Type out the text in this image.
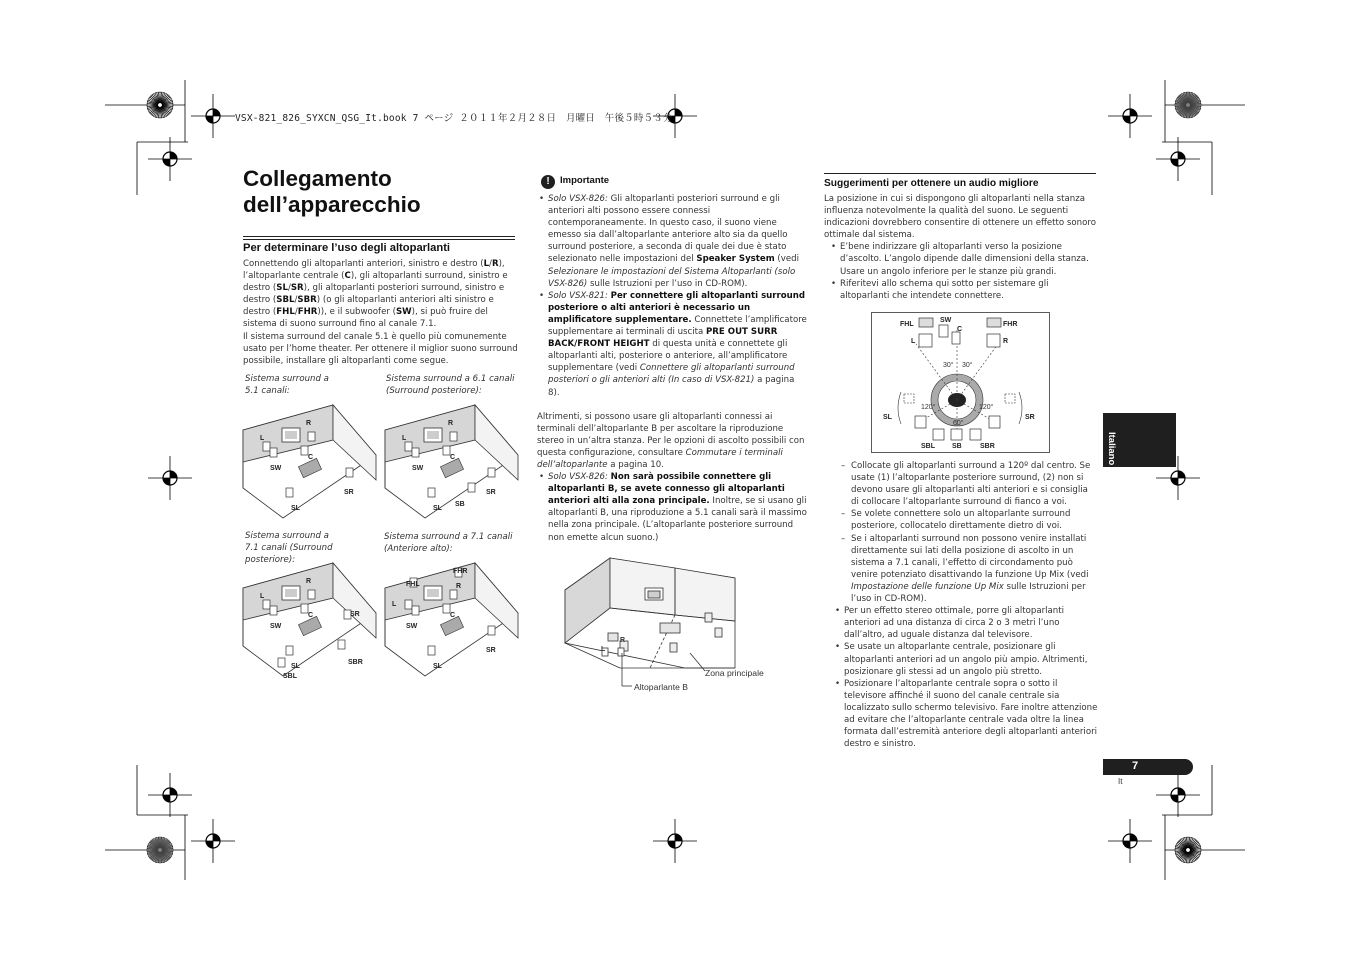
VSX-821_826_SYXCN_QSG_It.book 7 ページ ２０１１年２月２８日　月曜日　午後５時５３分
Collegamento
dell’apparecchio
Per determinare l’uso degli altoparlanti

Connettendo gli altoparlanti anteriori, sinistro e destro (L/R), l’altoparlante centrale (C), gli altoparlanti surround, sinistro e destro (SL/SR), gli altoparlanti posteriori surround, sinistro e destro (SBL/SBR) (o gli altoparlanti anteriori alti sinistro e destro (FHL/FHR)), e il subwoofer (SW), si può fruire del sistema di suono surround fino al canale 7.1.

Il sistema surround del canale 5.1 è quello più comunemente usato per l’home theater. Per ottenere il miglior suono surround possibile, installare gli altoparlanti come segue.

Sistema surround a
5.1 canali:
Sistema surround a 6.1 canali
(Surround posteriore):
Sistema surround a
7.1 canali (Surround
posteriore):
Sistema surround a 7.1 canali
(Anteriore alto):
L
R
C
SW
SL
SR
L
R
C
SW
SL
SR
SB
L
R
C
SW
SL
SR
SBL
SBR
L
R
C
SW
SL
SR
FHL
FHR
!	Importante
• Solo VSX-826: Gli altoparlanti posteriori surround e gli anteriori alti possono essere connessi contemporaneamente. In questo caso, il suono viene emesso sia dall’altoparlante anteriore alto sia da quello surround posteriore, a seconda di quale dei due è stato selezionato nelle impostazioni del Speaker System (vedi Selezionare le impostazioni del Sistema Altoparlanti (solo VSX-826) sulle Istruzioni per l’uso in CD-ROM).
• Solo VSX-821: Per connettere gli altoparlanti surround posteriore o alti anteriori è necessario un amplificatore supplementare. Connettete l’amplificatore supplementare ai terminali di uscita PRE OUT SURR BACK/FRONT HEIGHT di questa unità e connettete gli altoparlanti alti, posteriore o anteriore, all’amplificatore supplementare (vedi Connettere gli altoparlanti surround posteriori o gli anteriori alti (In caso di VSX-821) a pagina 8).

Altrimenti, si possono usare gli altoparlanti connessi ai terminali dell’altoparlante B per ascoltare la riproduzione stereo in un’altra stanza. Per le opzioni di ascolto possibili con questa configurazione, consultare Commutare i terminali dell’altoparlante a pagina 10.

• Solo VSX-826: Non sarà possibile connettere gli altoparlanti B, se avete connesso gli altoparlanti anteriori alti alla zona principale. Inoltre, se si usano gli altoparlanti B, una riproduzione a 5.1 canali sarà il massimo nella zona principale. (L’altoparlante posteriore surround non emette alcun suono.)
L
R
Zona principale
Altoparlante B
Suggerimenti per ottenere un audio migliore

La posizione in cui si dispongono gli altoparlanti nella stanza influenza notevolmente la qualità del suono. Le seguenti indicazioni dovrebbero consentire di ottenere un effetto sonoro ottimale dal sistema.

• E’bene indirizzare gli altoparlanti verso la posizione d’ascolto. L’angolo dipende dalle dimensioni della stanza. Usare un angolo inferiore per le stanze più grandi.
• Riferitevi allo schema qui sotto per sistemare gli altoparlanti che intendete connettere.
FHL	FHR
SW
C
L	R
SL	SR
SBL SB	SBR
30° 30°
120°	120°
60°
– Collocate gli altoparlanti surround a 120º dal centro. Se usate (1) l’altoparlante posteriore surround, (2) non si devono usare gli altoparlanti alti anteriori e si consiglia di collocare l’altoparlante surround di fianco a voi.
– Se volete connettere solo un altoparlante surround posteriore, collocatelo direttamente dietro di voi.
– Se i altoparlanti surround non possono venire installati direttamente sui lati della posizione di ascolto in un sistema a 7.1 canali, l’effetto di circondamento può venire potenziato disattivando la funzione Up Mix (vedi Impostazione delle funzione Up Mix sulle Istruzioni per l’uso in CD-ROM).
• Per un effetto stereo ottimale, porre gli altoparlanti anteriori ad una distanza di circa 2 o 3 metri l’uno dall’altro, ad uguale distanza dal televisore.
• Se usate un altoparlante centrale, posizionare gli altoparlanti anteriori ad un angolo più ampio. Altrimenti, posizionare gli stessi ad un angolo più stretto.
• Posizionare l’altoparlante centrale sopra o sotto il televisore affinché il suono del canale centrale sia localizzato sullo schermo televisivo. Fare inoltre attenzione ad evitare che l’altoparlante centrale vada oltre la linea formata dall’estremità anteriore degli altoparlanti anteriori destro e sinistro.
Italiano
7
It
